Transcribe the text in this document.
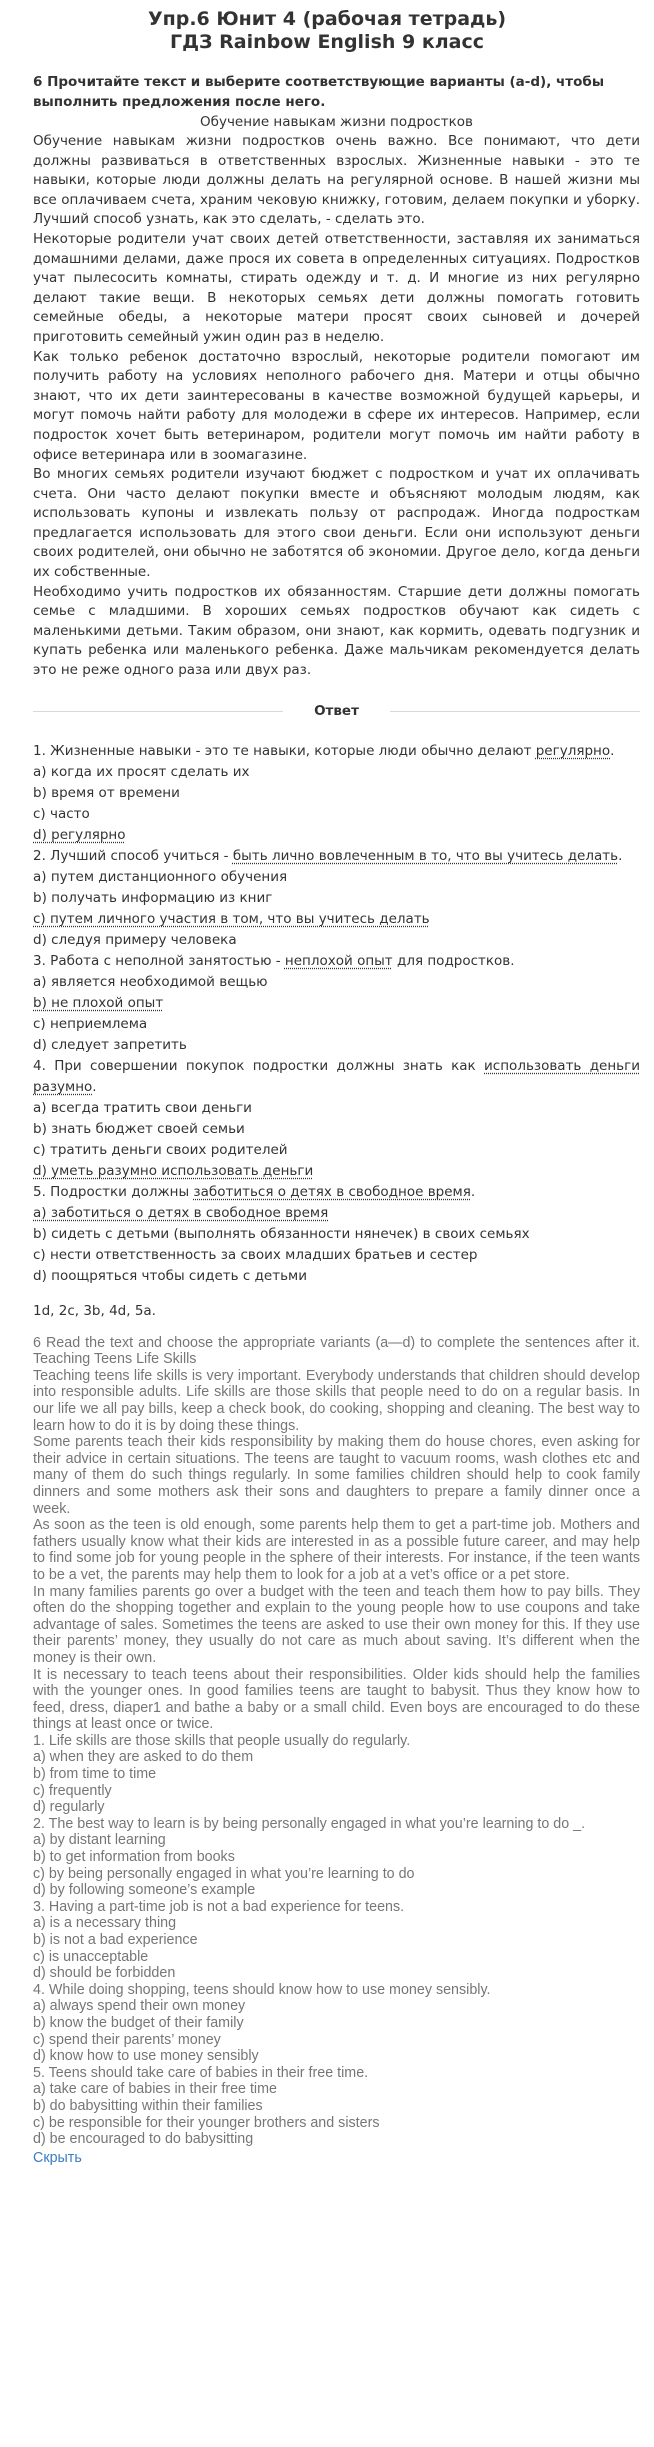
Упр.6 Юнит 4 (рабочая тетрадь)
ГДЗ Rainbow English 9 класс
6 Прочитайте текст и выберите соответствующие варианты (a-d), чтобы выполнить предложения после него.
Обучение навыкам жизни подростков

Обучение навыкам жизни подростков очень важно. Все понимают, что дети должны развиваться в ответственных взрослых. Жизненные навыки - это те навыки, которые люди должны делать на регулярной основе. В нашей жизни мы все оплачиваем счета, храним чековую книжку, готовим, делаем покупки и уборку. Лучший способ узнать, как это сделать, - сделать это.

Некоторые родители учат своих детей ответственности, заставляя их заниматься домашними делами, даже прося их совета в определенных ситуациях. Подростков учат пылесосить комнаты, стирать одежду и т. д. И многие из них регулярно делают такие вещи. В некоторых семьях дети должны помогать готовить семейные обеды, а некоторые матери просят своих сыновей и дочерей приготовить семейный ужин один раз в неделю.

Как только ребенок достаточно взрослый, некоторые родители помогают им получить работу на условиях неполного рабочего дня. Матери и отцы обычно знают, что их дети заинтересованы в качестве возможной будущей карьеры, и могут помочь найти работу для молодежи в сфере их интересов. Например, если подросток хочет быть ветеринаром, родители могут помочь им найти работу в офисе ветеринара или в зоомагазине.

Во многих семьях родители изучают бюджет с подростком и учат их оплачивать счета. Они часто делают покупки вместе и объясняют молодым людям, как использовать купоны и извлекать пользу от распродаж. Иногда подросткам предлагается использовать для этого свои деньги. Если они используют деньги своих родителей, они обычно не заботятся об экономии. Другое дело, когда деньги их собственные.

Необходимо учить подростков их обязанностям. Старшие дети должны помогать семье с младшими. В хороших семьях подростков обучают как сидеть с маленькими детьми. Таким образом, они знают, как кормить, одевать подгузник и купать ребенка или маленького ребенка. Даже мальчикам рекомендуется делать это не реже одного раза или двух раз.

Ответ

1. Жизненные навыки - это те навыки, которые люди обычно делают регулярно.

a) когда их просят сделать их

b) время от времени

c) часто

d) регулярно

2. Лучший способ учиться - быть лично вовлеченным в то, что вы учитесь делать.

a) путем дистанционного обучения

b) получать информацию из книг

c) путем личного участия в том, что вы учитесь делать

d) следуя примеру человека

3. Работа с неполной занятостью - неплохой опыт для подростков.

a) является необходимой вещью

b) не плохой опыт

c) неприемлема

d) следует запретить

4. При совершении покупок подростки должны знать как использовать деньги разумно.

a) всегда тратить свои деньги

b) знать бюджет своей семьи

c) тратить деньги своих родителей

d) уметь разумно использовать деньги

5. Подростки должны заботиться о детях в свободное время.

a) заботиться о детях в свободное время

b) сидеть с детьми (выполнять обязанности нянечек) в своих семьях

c) нести ответственность за своих младших братьев и сестер

d) поощряться чтобы сидеть с детьми

1d, 2c, 3b, 4d, 5a.

6 Read the text and choose the appropriate variants (a—d) to complete the sentences after it. Teaching Teens Life Skills

Teaching teens life skills is very important. Everybody understands that children should develop into responsible adults. Life skills are those skills that people need to do on a regular basis. In our life we all pay bills, keep a check book, do cooking, shopping and cleaning. The best way to learn how to do it is by doing these things.

Some parents teach their kids responsibility by making them do house chores, even asking for their advice in certain situations. The teens are taught to vacuum rooms, wash clothes etc and many of them do such things regularly. In some families children should help to cook family dinners and some mothers ask their sons and daughters to prepare a family dinner once a week.

As soon as the teen is old enough, some parents help them to get a part-time job. Mothers and fathers usually know what their kids are interested in as a possible future career, and may help to find some job for young people in the sphere of their interests. For instance, if the teen wants to be a vet, the parents may help them to look for a job at a vet’s office or a pet store.

In many families parents go over a budget with the teen and teach them how to pay bills. They often do the shopping together and explain to the young people how to use coupons and take advantage of sales. Sometimes the teens are asked to use their own money for this. If they use their parents’ money, they usually do not care as much about saving. It’s different when the money is their own.

It is necessary to teach teens about their responsibilities. Older kids should help the families with the younger ones. In good families teens are taught to babysit. Thus they know how to feed, dress, diaper1 and bathe a baby or a small child. Even boys are encouraged to do these things at least once or twice.

1. Life skills are those skills that people usually do regularly.

a) when they are asked to do them

b) from time to time

c) frequently

d) regularly

2. The best way to learn is by being personally engaged in what you’re learning to do _.

a) by distant learning

b) to get information from books

c) by being personally engaged in what you’re learning to do

d) by following someone’s example

3. Having a part-time job is not a bad experience for teens.

a) is a necessary thing

b) is not a bad experience

c) is unacceptable

d) should be forbidden

4. While doing shopping, teens should know how to use money sensibly.

a) always spend their own money

b) know the budget of their family

c) spend their parents’ money

d) know how to use money sensibly

5. Teens should take care of babies in their free time.

a) take care of babies in their free time

b) do babysitting within their families

c) be responsible for their younger brothers and sisters

d) be encouraged to do babysitting

Скрыть
